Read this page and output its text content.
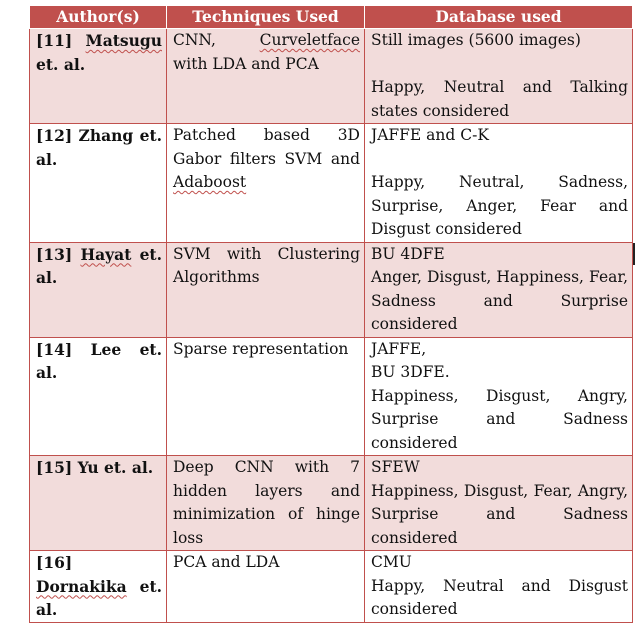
Author(s)	Techniques Used	Database used

[11] Matsugu
et. al.	CNN, Curveletface with LDA and PCA	Still images (5600 images)
Happy, Neutral and Talking states considered

[12] Zhang et. al.	Patched based 3D Gabor filters SVM and Adaboost	JAFFE and C-K
Happy, Neutral, Sadness, Surprise, Anger, Fear and Disgust considered

[13] Hayat et. al.	SVM with Clustering Algorithms	BU 4DFE

Anger, Disgust, Happiness, Fear, Sadness and Surprise considered

[14] Lee et. al.	Sparse representation	JAFFE,
BU 3DFE.

Happiness, Disgust, Angry, Surprise and Sadness considered

[15] Yu et. al.	Deep CNN with 7 hidden layers and minimization of hinge loss	SFEW

Happiness, Disgust, Fear, Angry, Surprise and Sadness considered

[16]

Dornakika et. al.	PCA and LDA	CMU

Happy, Neutral and Disgust considered
